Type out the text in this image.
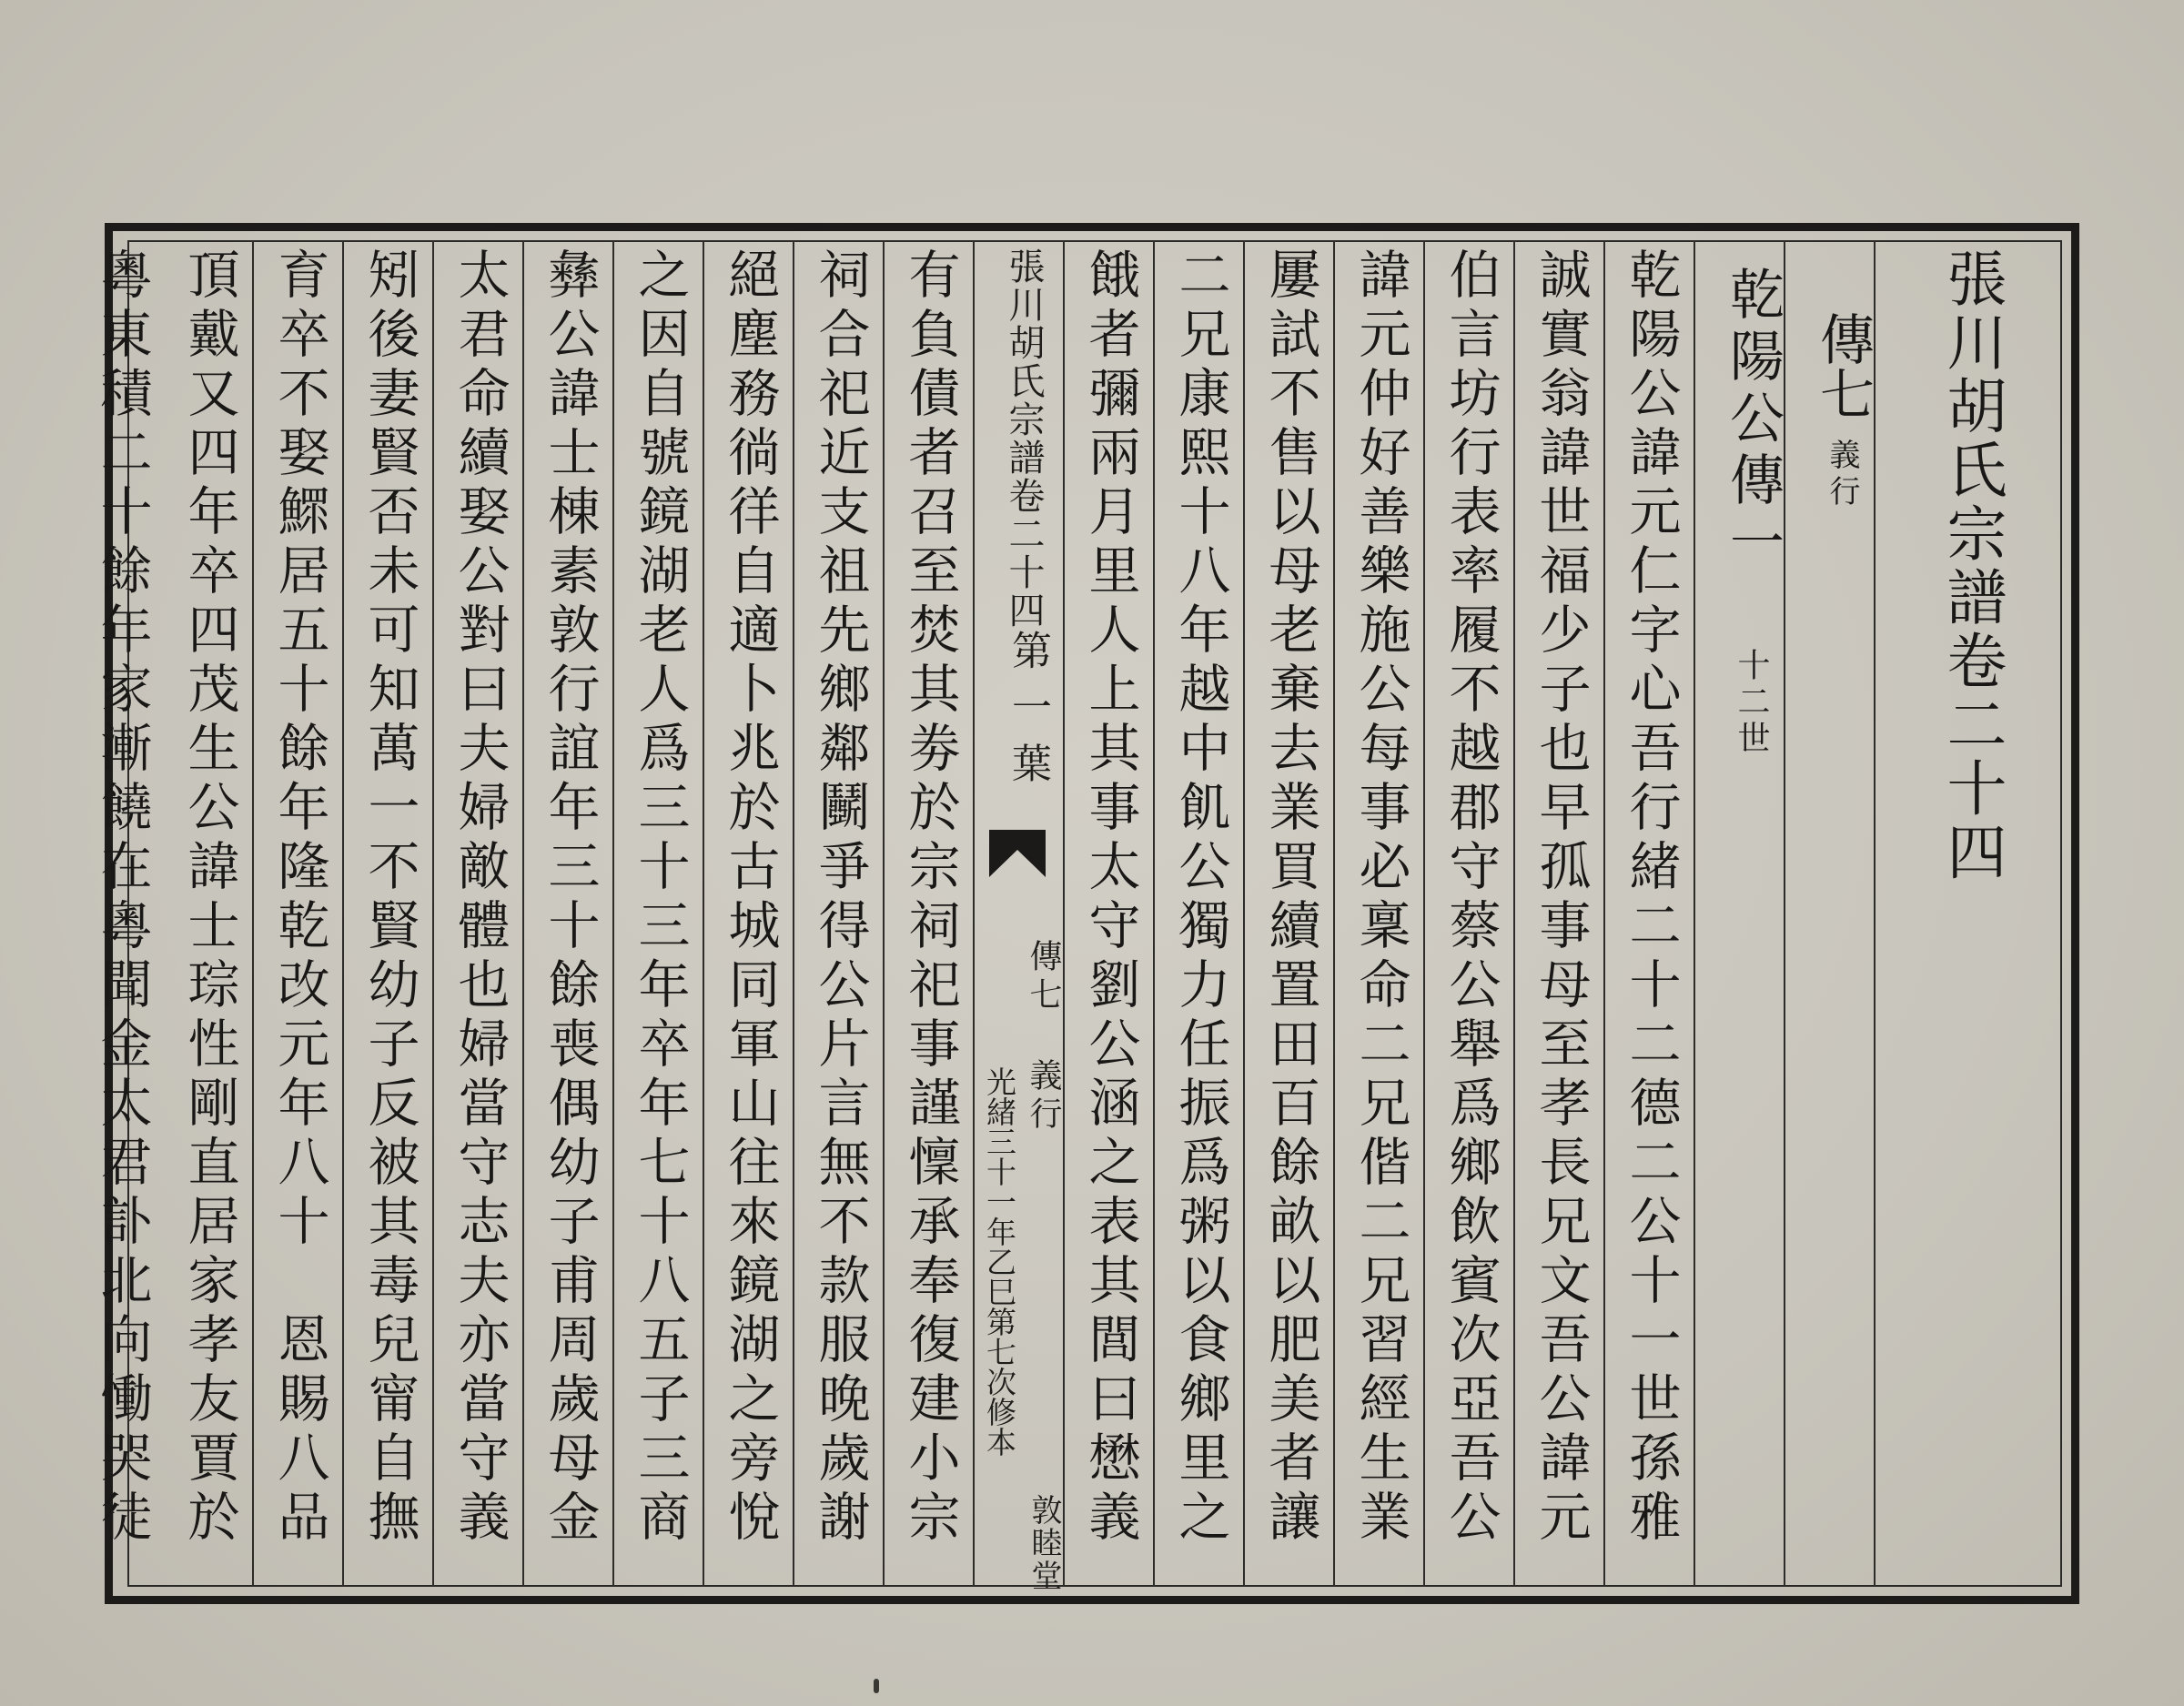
張川胡氏宗譜卷二十四
傳七
義行
乾陽公傳一
十二世
乾陽公諱元仁字心吾行緒二十二德二公十一世孫雅
誠實翁諱世福少子也早孤事母至孝長兄文吾公諱元
伯言坊行表率履不越郡守蔡公舉爲鄉飲賓次亞吾公
諱元仲好善樂施公每事必稟命二兄偕二兄習經生業
屢試不售以母老棄去業買續置田百餘畝以肥美者讓
二兄康熙十八年越中飢公獨力任振爲粥以食鄉里之
餓者彌兩月里人上其事太守劉公涵之表其閭曰懋義
張川胡氏宗譜卷二十四
第一葉
傳七 義行
光緒三十一年乙巳第七次修本
敦睦堂
有負債者召至焚其劵於宗祠祀事謹懍承奉復建小宗
祠合祀近支祖先鄉鄰鬭爭得公片言無不款服晚歲謝
絕塵務徜徉自適卜兆於古城同軍山往來鏡湖之旁悅
之因自號鏡湖老人爲三十三年卒年七十八五子三商
彝公諱士棟素敦行誼年三十餘喪偶幼子甫周歲母金
太君命續娶公對曰夫婦敵體也婦當守志夫亦當守義
矧後妻賢否未可知萬一不賢幼子反被其毒兒甯自撫
育卒不娶鰥居五十餘年隆乾改元年八十　恩賜八品
頂戴又四年卒四茂生公諱士琮性剛直居家孝友賈於
粵東積二十餘年家漸饒在粵聞金太君訃北向慟哭徒
